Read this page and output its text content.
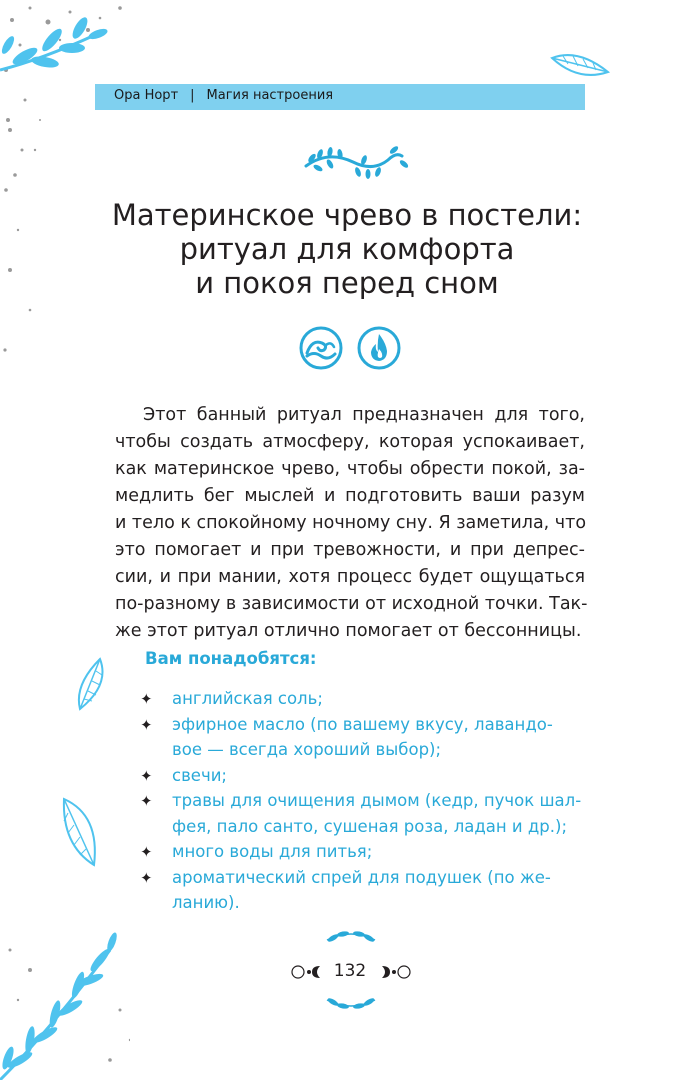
Ора Норт | Магия настроения
Материнское чрево в постели:
ритуал для комфорта
и покоя перед сном

Этот банный ритуал предназначен для того,
чтобы создать атмосферу, которая успокаивает,
как материнское чрево, чтобы обрести покой, за-
медлить бег мыслей и подготовить ваши разум
и тело к спокойному ночному сну. Я заметила, что
это помогает и при тревожности, и при депрес-
сии, и при мании, хотя процесс будет ощущаться
по-разному в зависимости от исходной точки. Так-
же этот ритуал отлично помогает от бессонницы.

Вам понадобятся:
✦ английская соль;
✦ эфирное масло (по вашему вкусу, лавандо-
вое — всегда хороший выбор);
✦ свечи;
✦ травы для очищения дымом (кедр, пучок шал-
фея, пало санто, сушеная роза, ладан и др.);
✦ много воды для питья;
✦ ароматический спрей для подушек (по же-
ланию).
132
